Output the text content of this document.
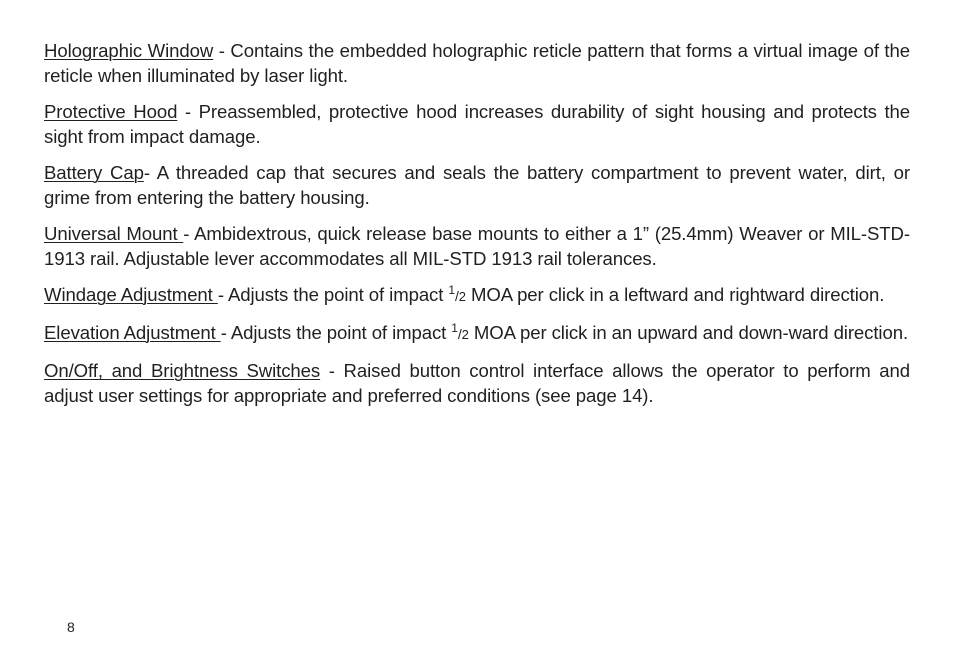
Holographic Window - Contains the embedded holographic reticle pattern that forms a virtual image of the reticle when illuminated by laser light.

Protective Hood - Preassembled, protective hood increases durability of sight housing and protects the sight from impact damage.

Battery Cap- A threaded cap that secures and seals the battery compartment to prevent water, dirt, or grime from entering the battery housing.

Universal Mount - Ambidextrous, quick release base mounts to either a 1” (25.4mm) Weaver or MIL-STD-1913 rail. Adjustable lever accommodates all MIL-STD 1913 rail tolerances.

Windage Adjustment - Adjusts the point of impact $^1$/2 MOA per click in a leftward and rightward direction.

Elevation Adjustment - Adjusts the point of impact $^1$/2 MOA per click in an upward and down-ward direction.

On/Off, and Brightness Switches - Raised button control interface allows the operator to perform and adjust user settings for appropriate and preferred conditions (see page 14).

8
